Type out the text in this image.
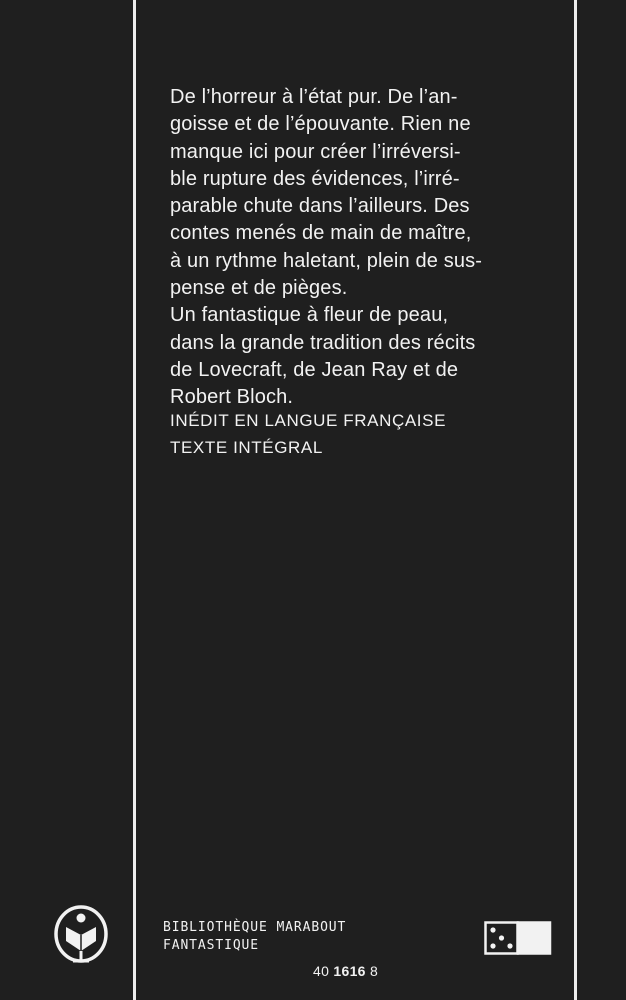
De l’horreur à l’état pur. De l’an-

goisse et de l’épouvante. Rien ne

manque ici pour créer l’irréversi-

ble rupture des évidences, l’irré-

parable chute dans l’ailleurs. Des

contes menés de main de maître,

à un rythme haletant, plein de sus-

pense et de pièges.

Un fantastique à fleur de peau,

dans la grande tradition des récits

de Lovecraft, de Jean Ray et de

Robert Bloch.

INÉDIT EN LANGUE FRANÇAISE

TEXTE INTÉGRAL

BIBLIOTHÈQUE MARABOUT

FANTASTIQUE

40 1616 8
